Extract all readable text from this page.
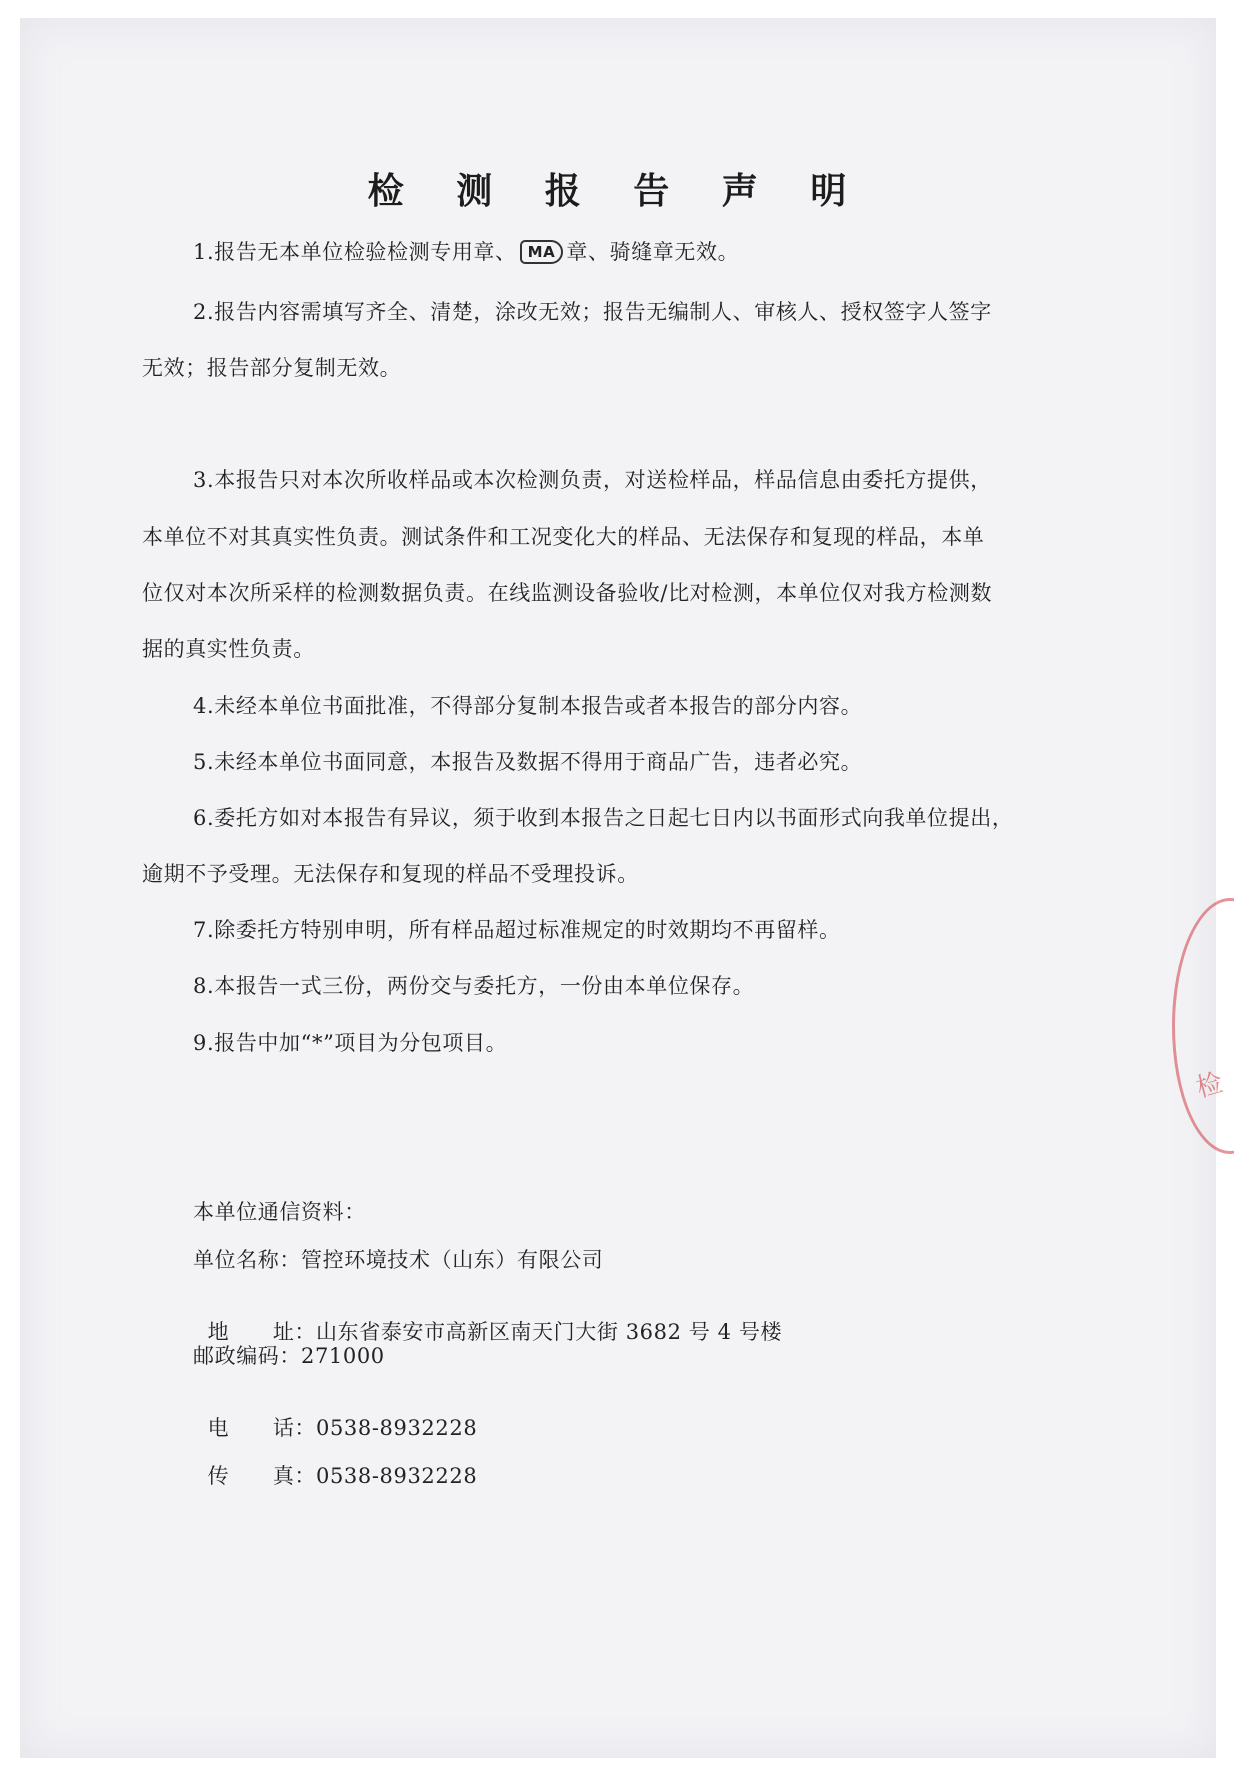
检 测 报 告 声 明
1.报告无本单位检验检测专用章、 MA 章、骑缝章无效。
2.报告内容需填写齐全、清楚，涂改无效；报告无编制人、审核人、授权签字人签字
无效；报告部分复制无效。
3.本报告只对本次所收样品或本次检测负责，对送检样品，样品信息由委托方提供，
本单位不对其真实性负责。测试条件和工况变化大的样品、无法保存和复现的样品，本单
位仅对本次所采样的检测数据负责。在线监测设备验收/比对检测，本单位仅对我方检测数
据的真实性负责。
4.未经本单位书面批准，不得部分复制本报告或者本报告的部分内容。
5.未经本单位书面同意，本报告及数据不得用于商品广告，违者必究。
6.委托方如对本报告有异议，须于收到本报告之日起七日内以书面形式向我单位提出，
逾期不予受理。无法保存和复现的样品不受理投诉。
7.除委托方特别申明，所有样品超过标准规定的时效期均不再留样。
8.本报告一式三份，两份交与委托方，一份由本单位保存。
9.报告中加“*”项目为分包项目。
本单位通信资料：
单位名称：管控环境技术（山东）有限公司

地      址：山东省泰安市高新区南天门大街 3682 号 4 号楼

邮政编码：271000

电      话：0538-8932228

传      真：0538-8932228

检
